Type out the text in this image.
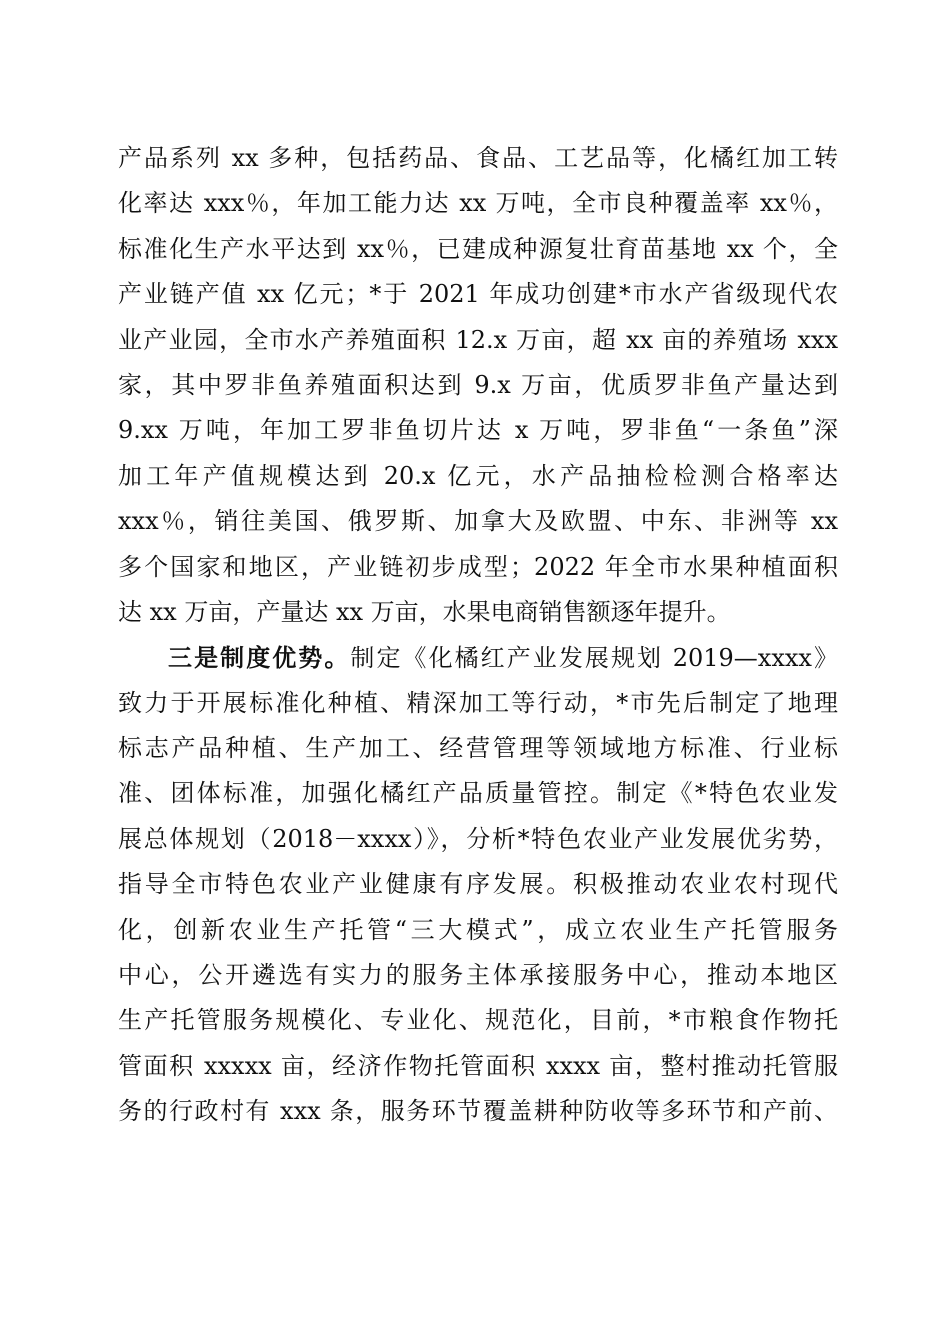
产品系列 xx 多种，包括药品、食品、工艺品等，化橘红加工转
化率达 xxx％，年加工能力达 xx 万吨，全市良种覆盖率 xx％，
标准化生产水平达到 xx％，已建成种源复壮育苗基地 xx 个，全
产业链产值 xx 亿元；*于 2021 年成功创建*市水产省级现代农
业产业园，全市水产养殖面积 12.x 万亩，超 xx 亩的养殖场 xxx
家，其中罗非鱼养殖面积达到 9.x 万亩，优质罗非鱼产量达到
9.xx 万吨，年加工罗非鱼切片达 x 万吨，罗非鱼“一条鱼”深
加工年产值规模达到 20.x 亿元，水产品抽检检测合格率达
xxx％，销往美国、俄罗斯、加拿大及欧盟、中东、非洲等 xx
多个国家和地区，产业链初步成型；2022 年全市水果种植面积
达 xx 万亩，产量达 xx 万亩，水果电商销售额逐年提升。
三是制度优势。制定《化橘红产业发展规划 2019—xxxx》
致力于开展标准化种植、精深加工等行动，*市先后制定了地理
标志产品种植、生产加工、经营管理等领域地方标准、行业标
准、团体标准，加强化橘红产品质量管控。制定《*特色农业发
展总体规划（2018－xxxx）》，分析*特色农业产业发展优劣势，
指导全市特色农业产业健康有序发展。积极推动农业农村现代
化，创新农业生产托管“三大模式”，成立农业生产托管服务
中心，公开遴选有实力的服务主体承接服务中心，推动本地区
生产托管服务规模化、专业化、规范化，目前，*市粮食作物托
管面积 xxxxx 亩，经济作物托管面积 xxxx 亩，整村推动托管服
务的行政村有 xxx 条，服务环节覆盖耕种防收等多环节和产前、
